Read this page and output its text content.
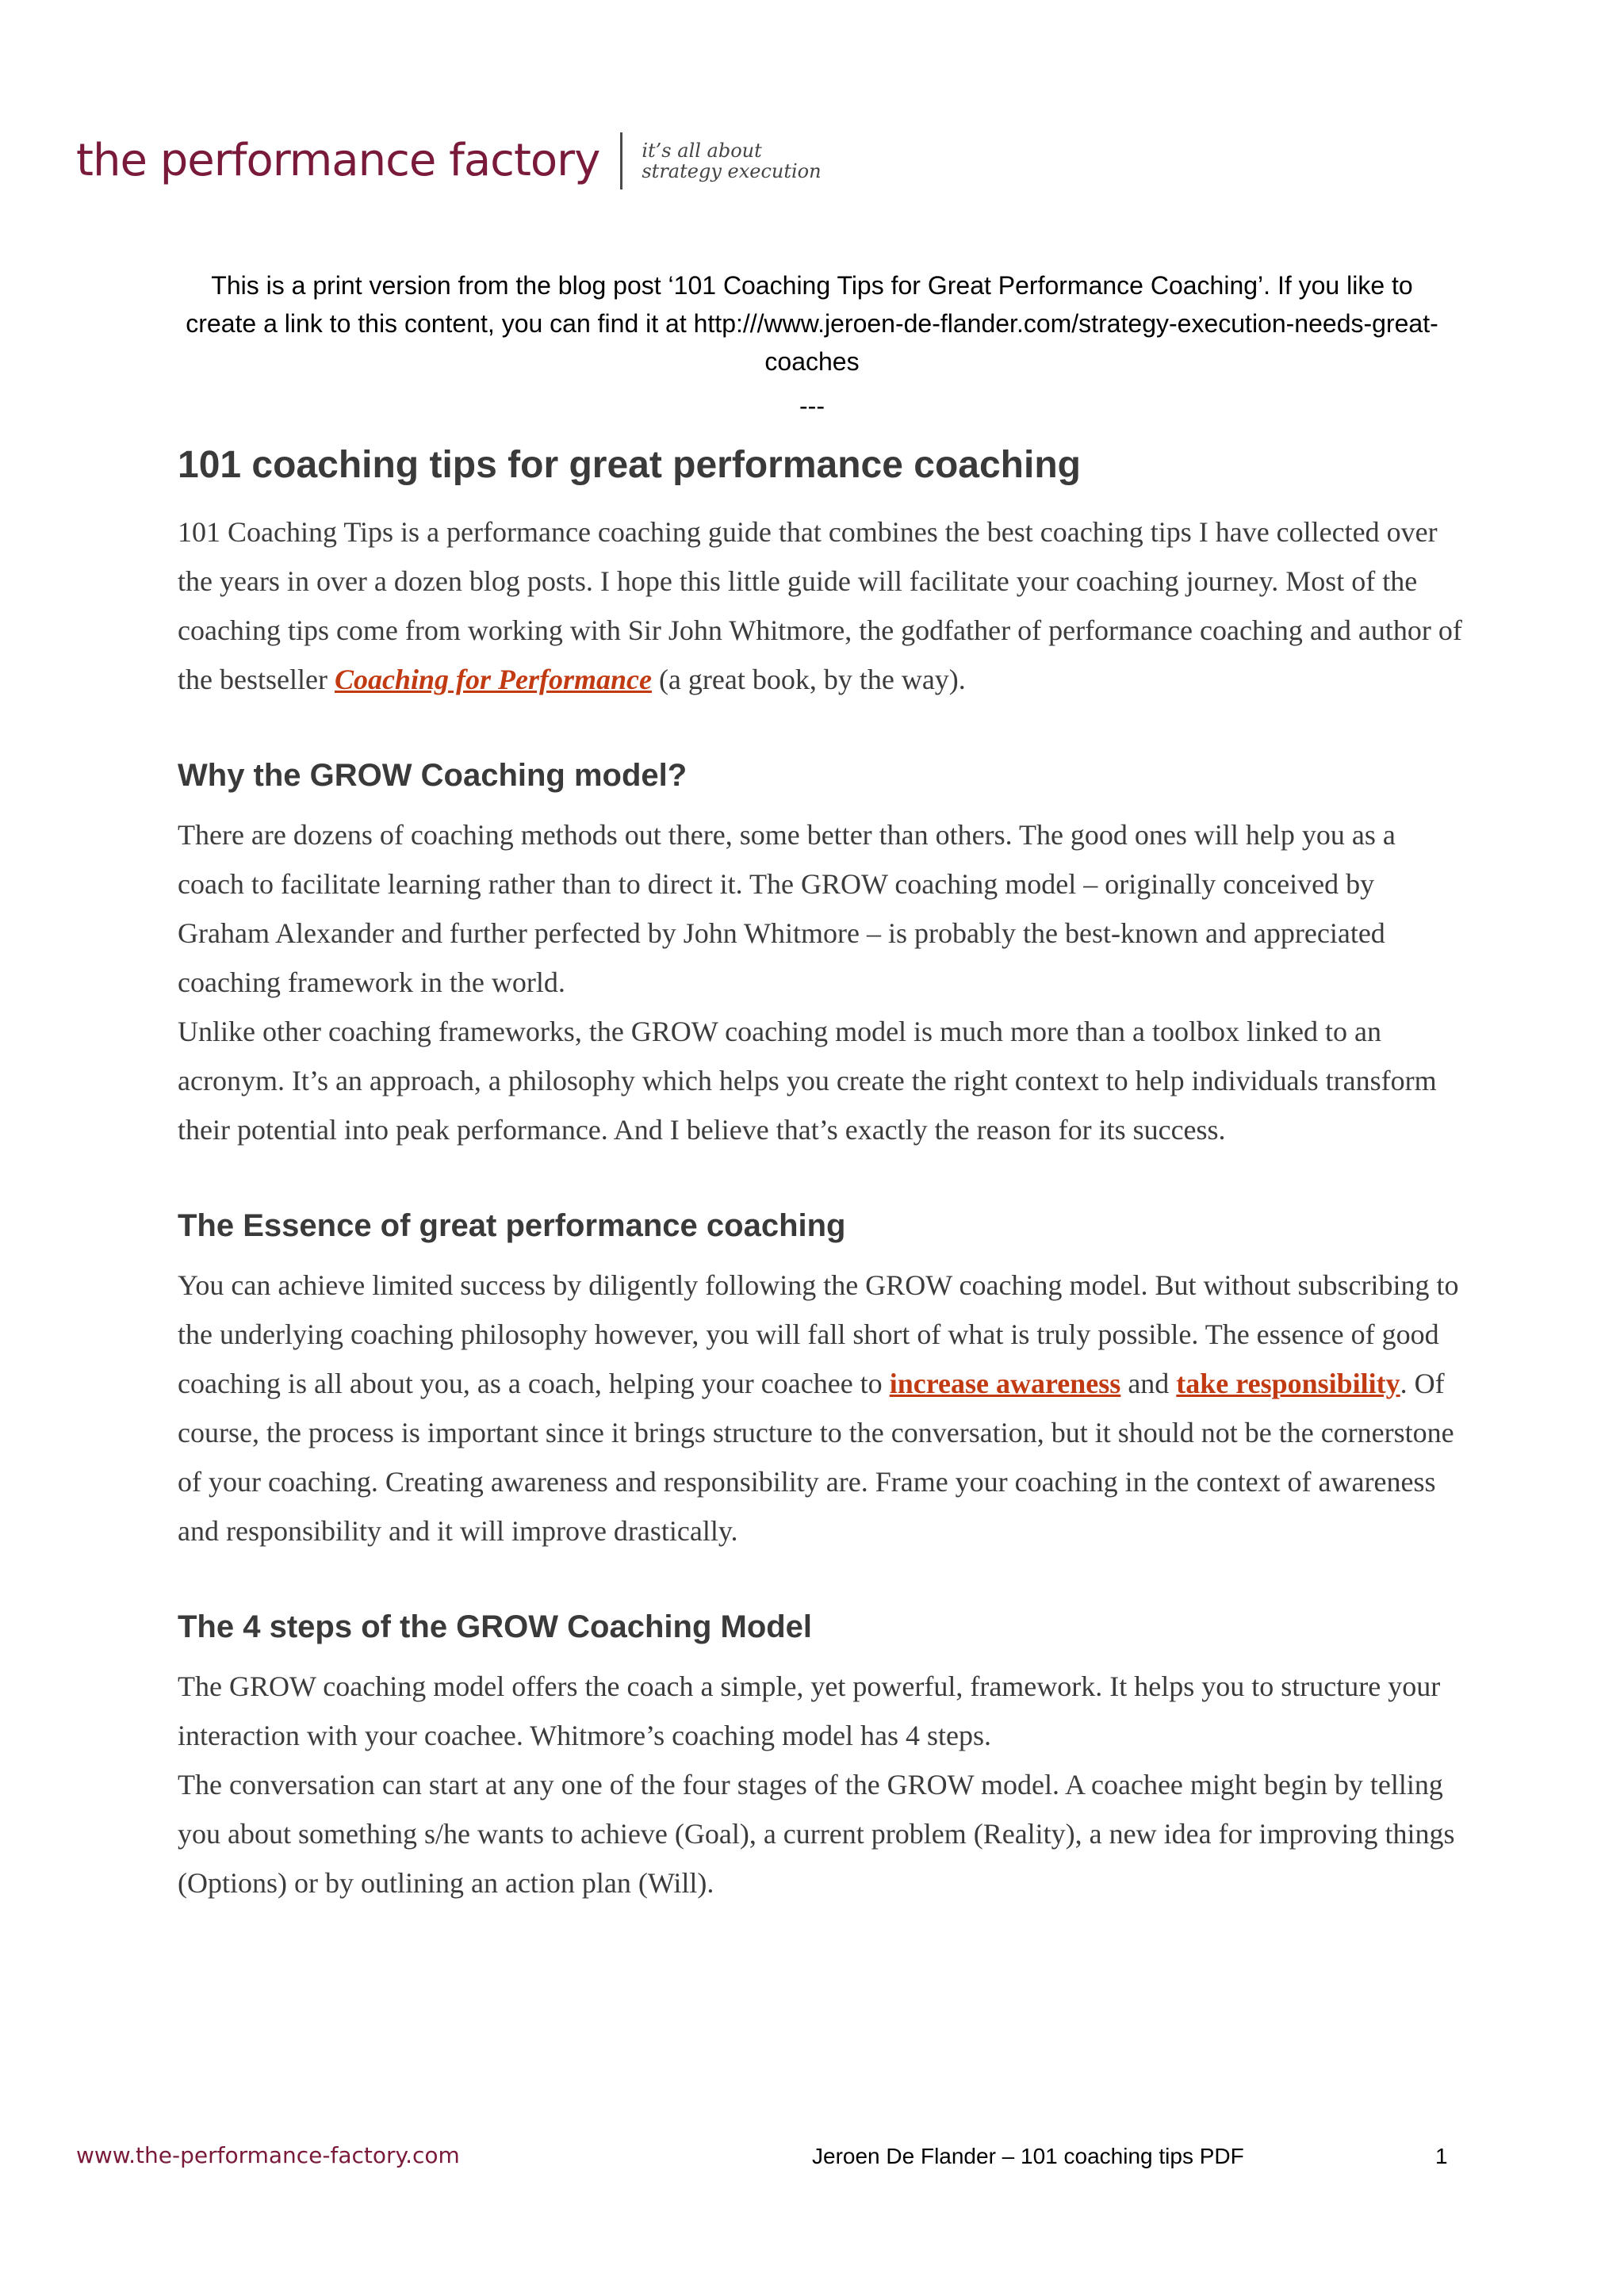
the performance factory it’s all about
strategy execution
This is a print version from the blog post ‘101 Coaching Tips for Great Performance Coaching’. If you like to create a link to this content, you can find it at http:///www.jeroen-de-flander.com/strategy-execution-needs-great-coaches
---
101 coaching tips for great performance coaching

101 Coaching Tips is a performance coaching guide that combines the best coaching tips I have collected over the years in over a dozen blog posts. I hope this little guide will facilitate your coaching journey. Most of the coaching tips come from working with Sir John Whitmore, the godfather of performance coaching and author of the bestseller Coaching for Performance (a great book, by the way).

Why the GROW Coaching model?

There are dozens of coaching methods out there, some better than others. The good ones will help you as a coach to facilitate learning rather than to direct it. The GROW coaching model – originally conceived by Graham Alexander and further perfected by John Whitmore – is probably the best-known and appreciated coaching framework in the world.

Unlike other coaching frameworks, the GROW coaching model is much more than a toolbox linked to an acronym. It’s an approach, a philosophy which helps you create the right context to help individuals transform their potential into peak performance. And I believe that’s exactly the reason for its success.

The Essence of great performance coaching

You can achieve limited success by diligently following the GROW coaching model. But without subscribing to the underlying coaching philosophy however, you will fall short of what is truly possible. The essence of good coaching is all about you, as a coach, helping your coachee to increase awareness and take responsibility. Of course, the process is important since it brings structure to the conversation, but it should not be the cornerstone of your coaching. Creating awareness and responsibility are. Frame your coaching in the context of awareness and responsibility and it will improve drastically.

The 4 steps of the GROW Coaching Model

The GROW coaching model offers the coach a simple, yet powerful, framework. It helps you to structure your interaction with your coachee. Whitmore’s coaching model has 4 steps.

The conversation can start at any one of the four stages of the GROW model. A coachee might begin by telling you about something s/he wants to achieve (Goal), a current problem (Reality), a new idea for improving things (Options) or by outlining an action plan (Will).

www.the-performance-factory.com	Jeroen De Flander – 101 coaching tips PDF	1
